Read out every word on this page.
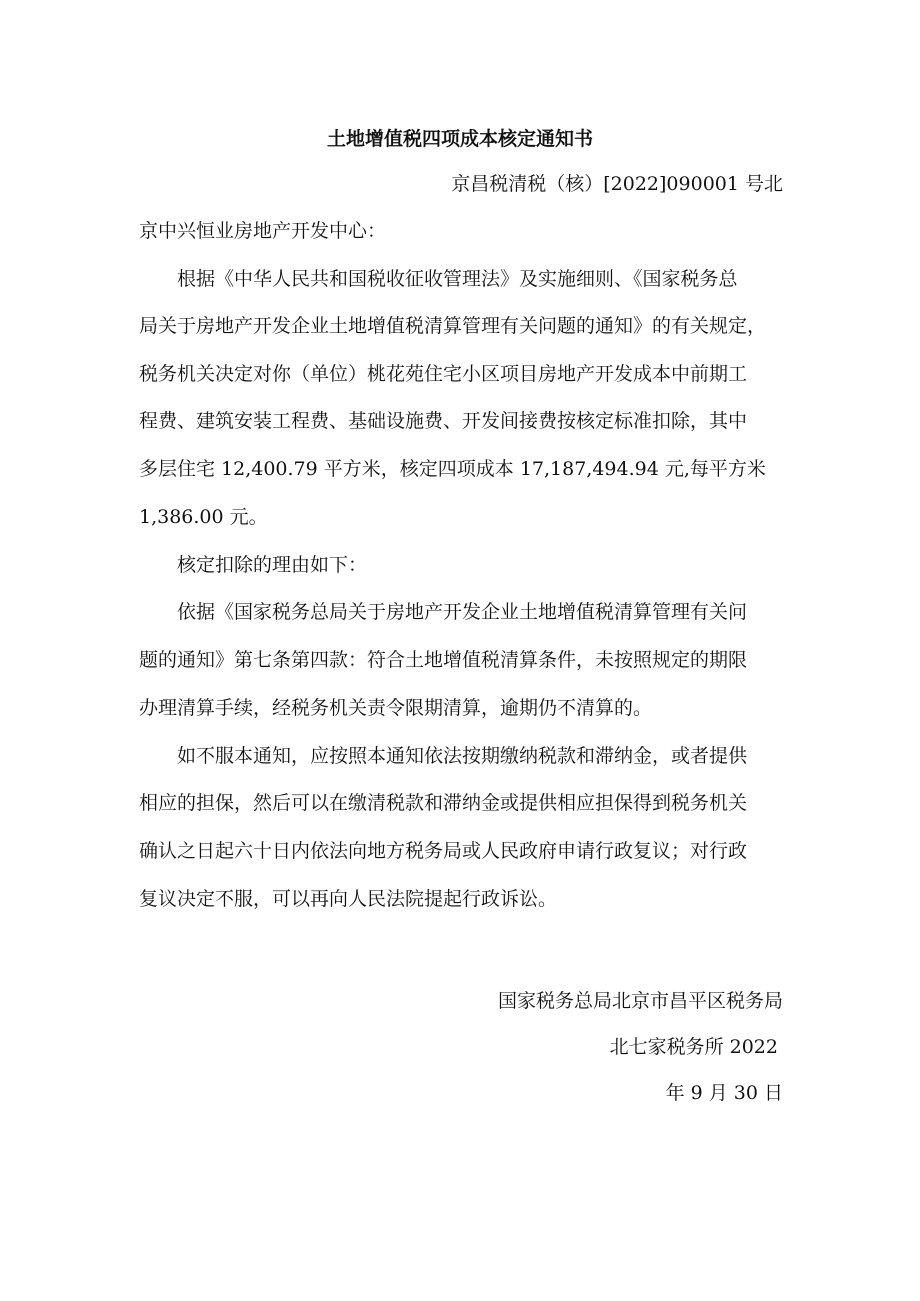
土地增值税四项成本核定通知书
京昌税清税（核）[2022]090001 号北
京中兴恒业房地产开发中心：
根据《中华人民共和国税收征收管理法》及实施细则、《国家税务总
局关于房地产开发企业土地增值税清算管理有关问题的通知》的有关规定，
税务机关决定对你（单位）桃花苑住宅小区项目房地产开发成本中前期工
程费、建筑安装工程费、基础设施费、开发间接费按核定标准扣除，其中
多层住宅 12,400.79 平方米，核定四项成本 17,187,494.94 元,每平方米
1,386.00 元。
核定扣除的理由如下：
依据《国家税务总局关于房地产开发企业土地增值税清算管理有关问
题的通知》第七条第四款：符合土地增值税清算条件，未按照规定的期限
办理清算手续，经税务机关责令限期清算，逾期仍不清算的。
如不服本通知，应按照本通知依法按期缴纳税款和滞纳金，或者提供
相应的担保，然后可以在缴清税款和滞纳金或提供相应担保得到税务机关
确认之日起六十日内依法向地方税务局或人民政府申请行政复议；对行政
复议决定不服，可以再向人民法院提起行政诉讼。
国家税务总局北京市昌平区税务局
北七家税务所 2022
年 9 月 30 日
